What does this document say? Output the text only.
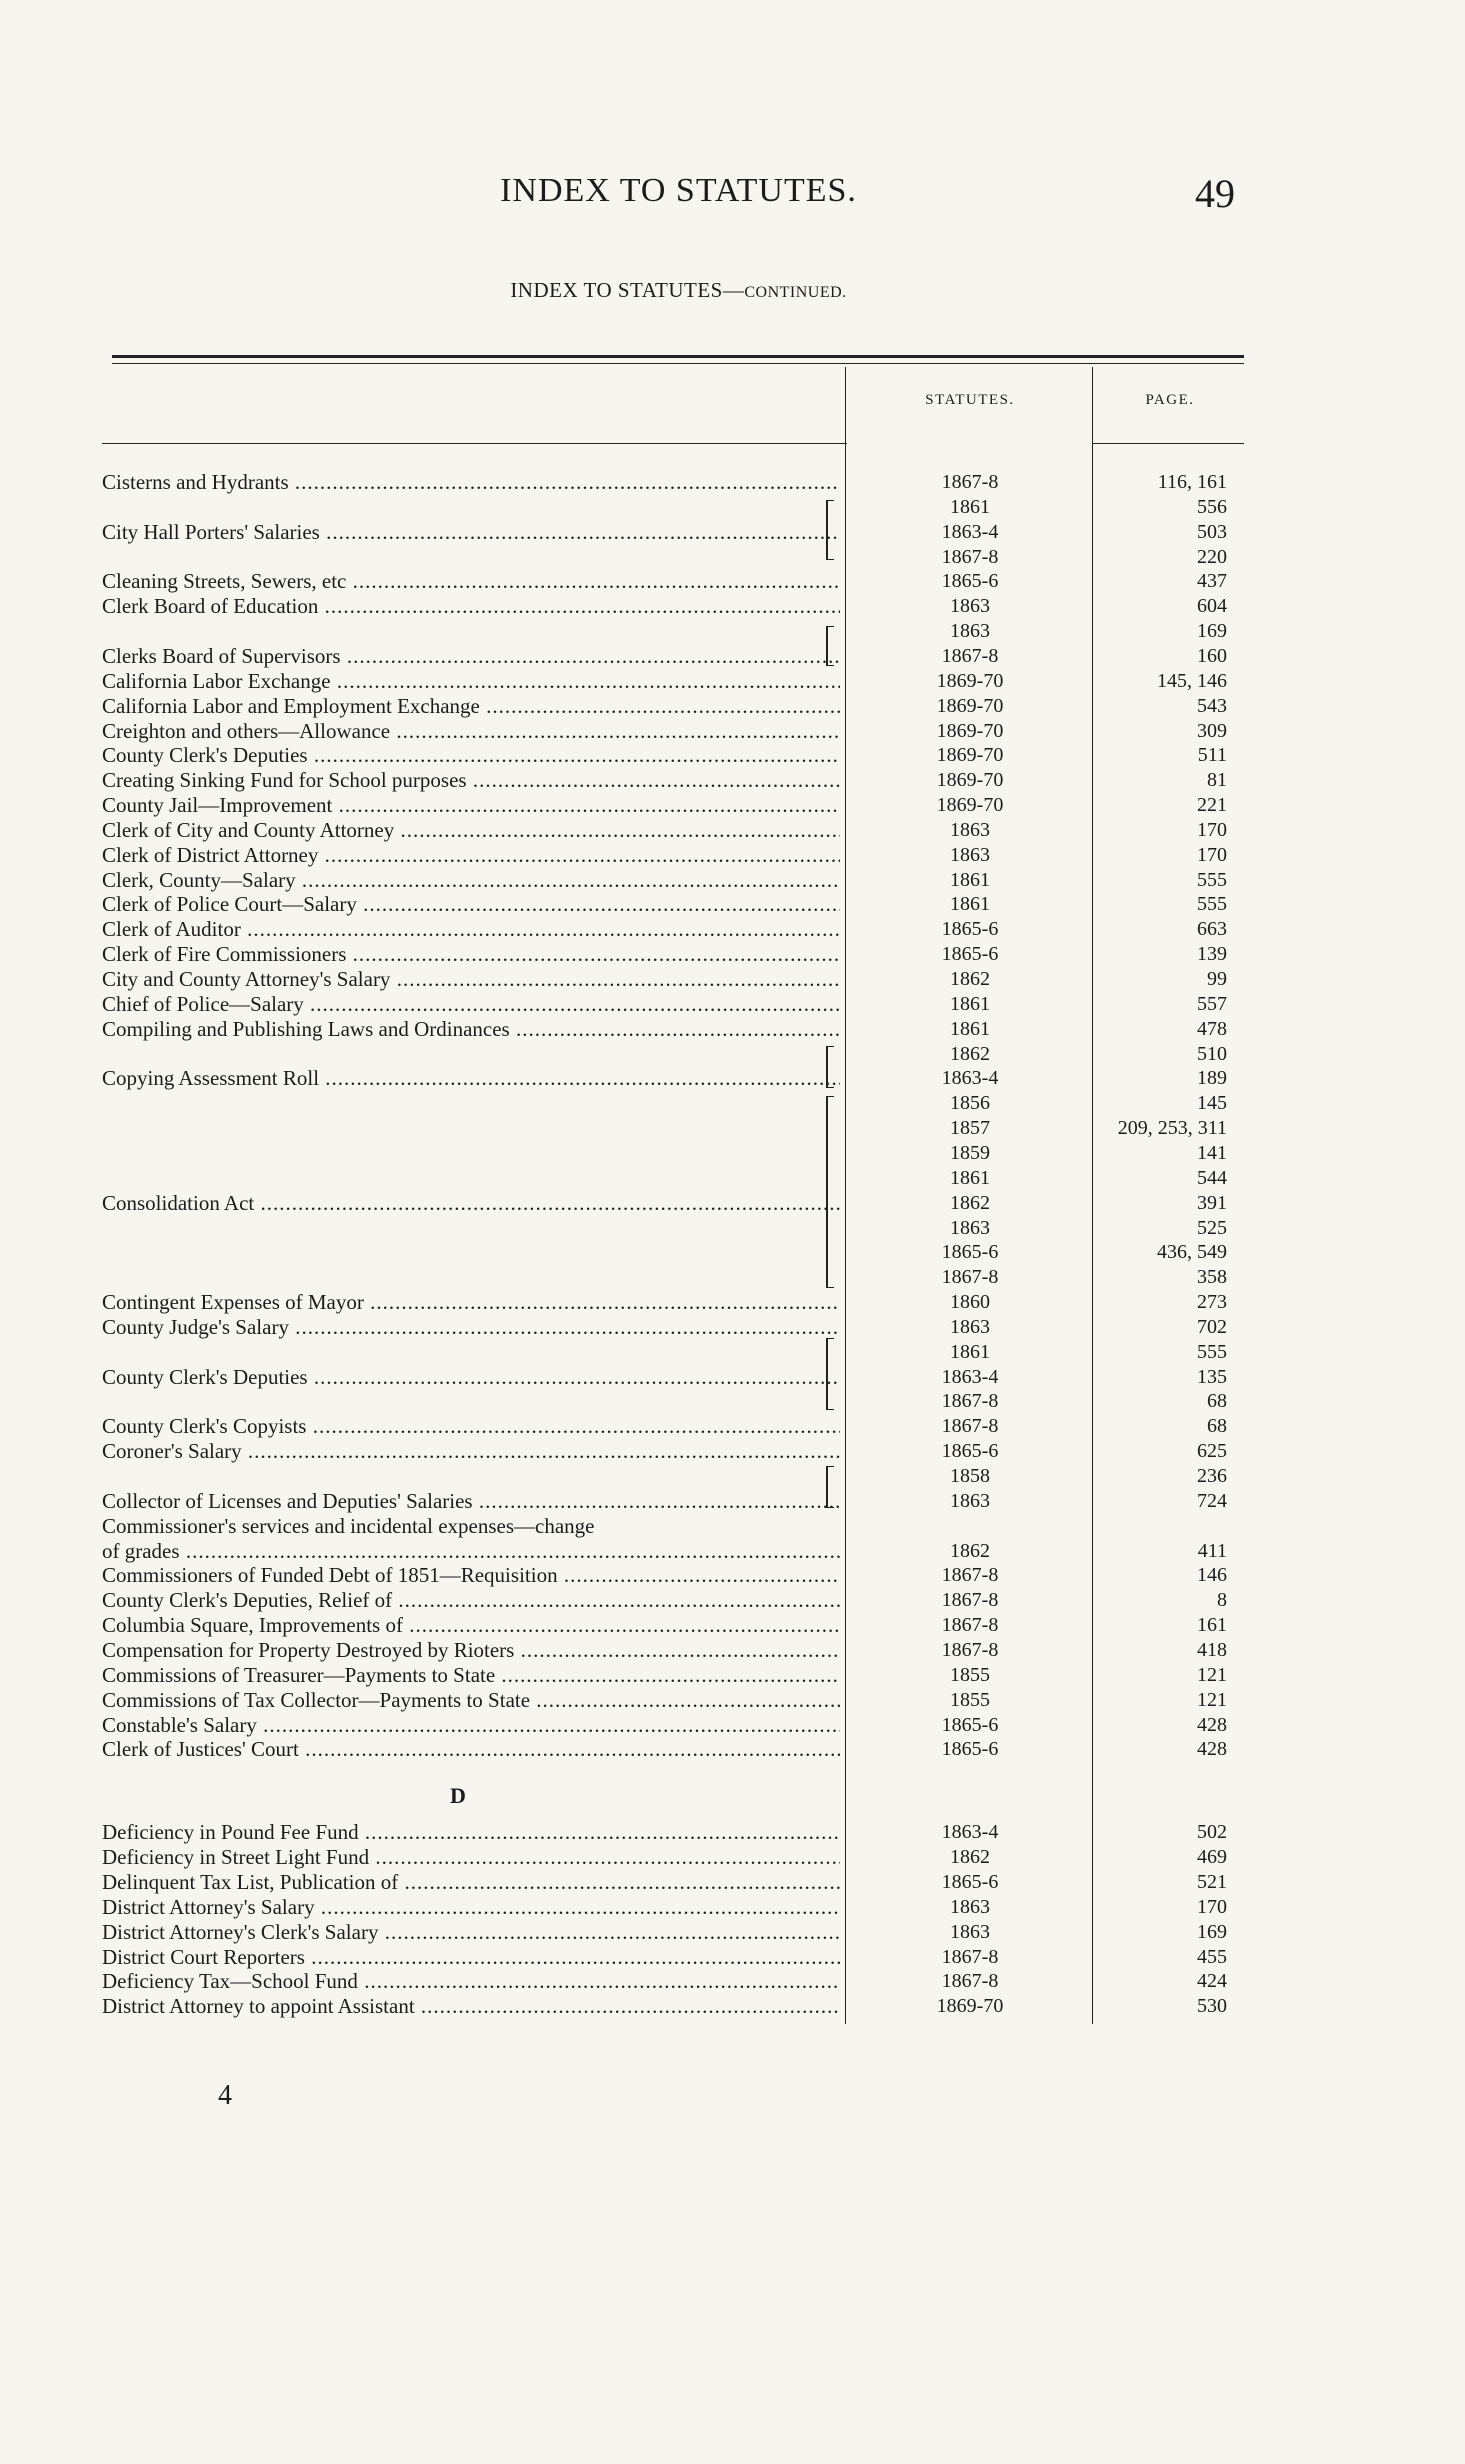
INDEX TO STATUTES.	49
INDEX TO STATUTES—CONTINUED.
STATUTES.	PAGE.
Cisterns and Hydrants .....	1867-8	116, 161
1861	556
City Hall Porters' Salaries .....	1863-4	503
1867-8	220
Cleaning Streets, Sewers, etc .....	1865-6	437
Clerk Board of Education .....	1863	604
1863	169
Clerks Board of Supervisors .....	1867-8	160
California Labor Exchange .....	1869-70	145, 146
California Labor and Employment Exchange .....	1869-70	543
Creighton and others—Allowance .....	1869-70	309
County Clerk's Deputies .....	1869-70	511
Creating Sinking Fund for School purposes .....	1869-70	81
County Jail—Improvement .....	1869-70	221
Clerk of City and County Attorney .....	1863	170
Clerk of District Attorney .....	1863	170
Clerk, County—Salary .....	1861	555
Clerk of Police Court—Salary .....	1861	555
Clerk of Auditor .....	1865-6	663
Clerk of Fire Commissioners .....	1865-6	139
City and County Attorney's Salary .....	1862	99
Chief of Police—Salary .....	1861	557
Compiling and Publishing Laws and Ordinances .....	1861	478
1862	510
Copying Assessment Roll .....	1863-4	189
1856	145
1857	209, 253, 311
1859	141
1861	544
Consolidation Act .....	1862	391
1863	525
1865-6	436, 549
1867-8	358
Contingent Expenses of Mayor .....	1860	273
County Judge's Salary .....	1863	702
1861	555
County Clerk's Deputies .....	1863-4	135
1867-8	68
County Clerk's Copyists .....	1867-8	68
Coroner's Salary .....	1865-6	625
1858	236
Collector of Licenses and Deputies' Salaries .....	1863	724
Commissioner's services and incidental expenses—change
of grades .....	1862	411
Commissioners of Funded Debt of 1851—Requisition .....	1867-8	146
County Clerk's Deputies, Relief of .....	1867-8	8
Columbia Square, Improvements of .....	1867-8	161
Compensation for Property Destroyed by Rioters .....	1867-8	418
Commissions of Treasurer—Payments to State .....	1855	121
Commissions of Tax Collector—Payments to State .....	1855	121
Constable's Salary .....	1865-6	428
Clerk of Justices' Court .....	1865-6	428
D
Deficiency in Pound Fee Fund .....	1863-4	502
Deficiency in Street Light Fund .....	1862	469
Delinquent Tax List, Publication of .....	1865-6	521
District Attorney's Salary .....	1863	170
District Attorney's Clerk's Salary .....	1863	169
District Court Reporters .....	1867-8	455
Deficiency Tax—School Fund .....	1867-8	424
District Attorney to appoint Assistant .....	1869-70	530
4
